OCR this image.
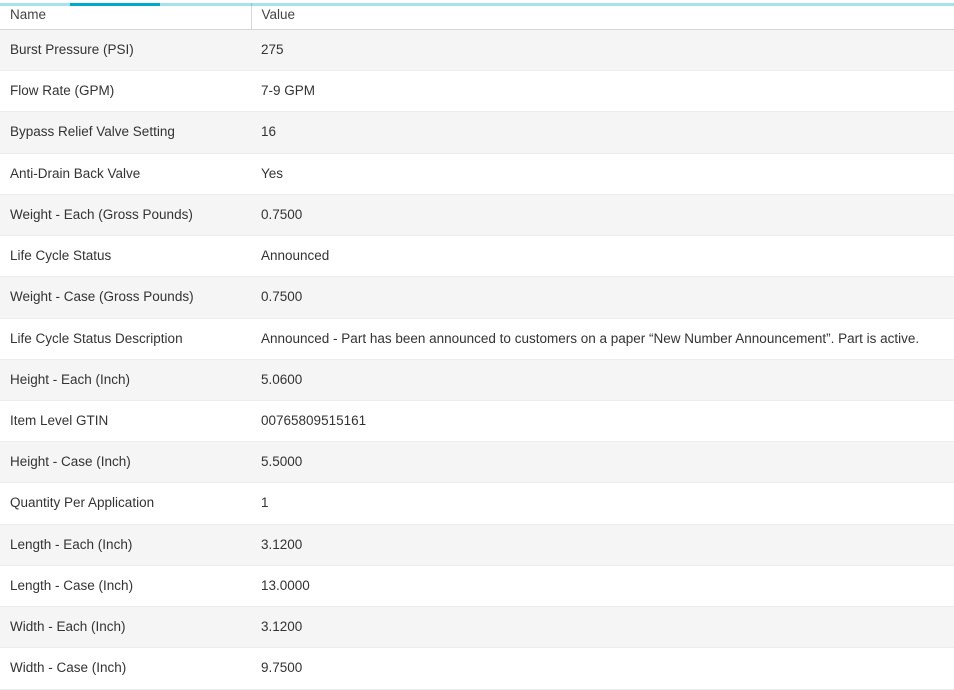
Name	Value
Burst Pressure (PSI)	275
Flow Rate (GPM)	7-9 GPM
Bypass Relief Valve Setting	16
Anti-Drain Back Valve	Yes
Weight - Each (Gross Pounds)	0.7500
Life Cycle Status	Announced
Weight - Case (Gross Pounds)	0.7500
Life Cycle Status Description	Announced - Part has been announced to customers on a paper “New Number Announcement”. Part is active.
Height - Each (Inch)	5.0600
Item Level GTIN	00765809515161
Height - Case (Inch)	5.5000
Quantity Per Application	1
Length - Each (Inch)	3.1200
Length - Case (Inch)	13.0000
Width - Each (Inch)	3.1200
Width - Case (Inch)	9.7500
